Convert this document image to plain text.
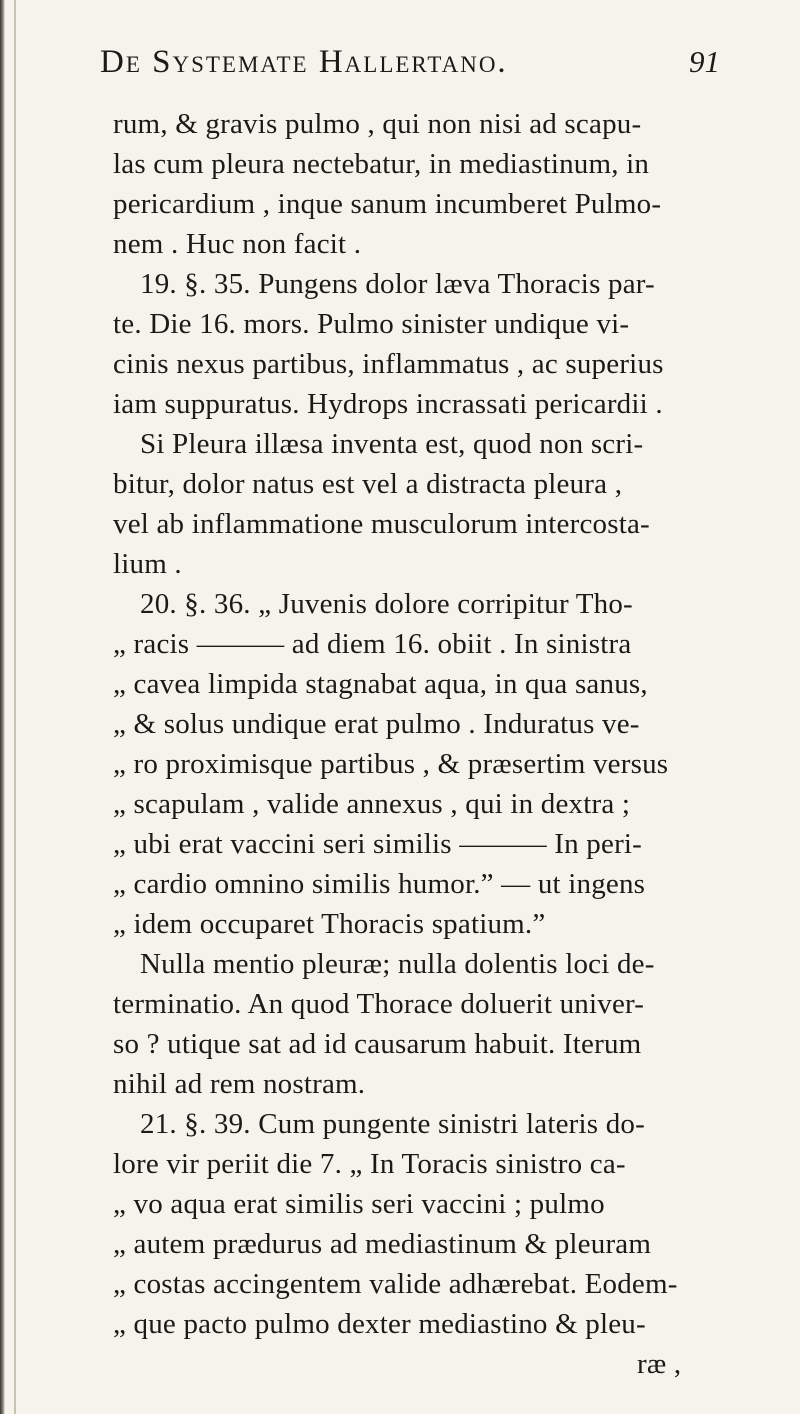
De Systemate Hallertano.	91
rum, & gravis pulmo , qui non nisi ad scapu-
las cum pleura nectebatur, in mediastinum, in
pericardium , inque sanum incumberet Pulmo-
nem . Huc non facit .
19. §. 35. Pungens dolor læva Thoracis par-
te. Die 16. mors. Pulmo sinister undique vi-
cinis nexus partibus, inflammatus , ac superius
iam suppuratus. Hydrops incrassati pericardii .
Si Pleura illæsa inventa est, quod non scri-
bitur, dolor natus est vel a distracta pleura ,
vel ab inflammatione musculorum intercosta-
lium .
20. §. 36. „ Juvenis dolore corripitur Tho-
„ racis ——— ad diem 16. obiit . In sinistra
„ cavea limpida stagnabat aqua, in qua sanus,
„ & solus undique erat pulmo . Induratus ve-
„ ro proximisque partibus , & præsertim versus
„ scapulam , valide annexus , qui in dextra ;
„ ubi erat vaccini seri similis ——— In peri-
„ cardio omnino similis humor.” — ut ingens
„ idem occuparet Thoracis spatium.”
Nulla mentio pleuræ; nulla dolentis loci de-
terminatio. An quod Thorace doluerit univer-
so ? utique sat ad id causarum habuit. Iterum
nihil ad rem nostram.
21. §. 39. Cum pungente sinistri lateris do-
lore vir periit die 7. „ In Toracis sinistro ca-
„ vo aqua erat similis seri vaccini ; pulmo
„ autem prædurus ad mediastinum & pleuram
„ costas accingentem valide adhærebat. Eodem-
„ que pacto pulmo dexter mediastino & pleu-
ræ ,
